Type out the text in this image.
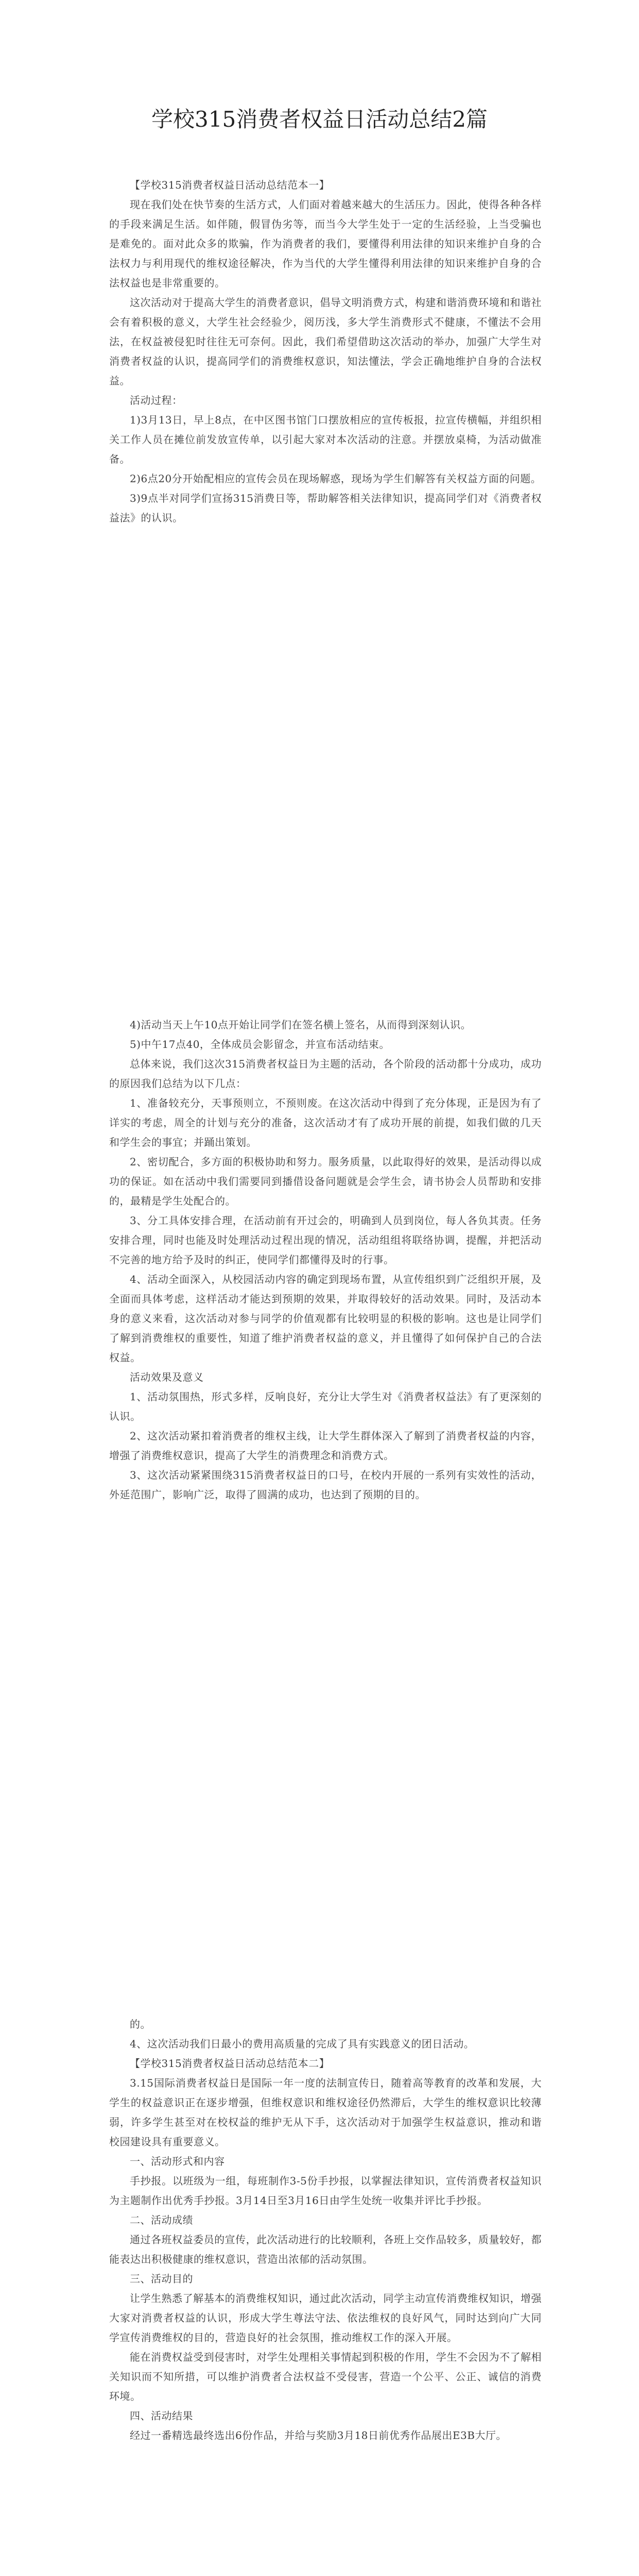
学校315消费者权益日活动总结2篇

【学校315消费者权益日活动总结范本一】

现在我们处在快节奏的生活方式，人们面对着越来越大的生活压力。因此，使得各种各样的手段来满足生活。如伴随，假冒伪劣等，而当今大学生处于一定的生活经验，上当受骗也是难免的。面对此众多的欺骗，作为消费者的我们，要懂得利用法律的知识来维护自身的合法权力与利用现代的维权途径解决，作为当代的大学生懂得利用法律的知识来维护自身的合法权益也是非常重要的。

这次活动对于提高大学生的消费者意识，倡导文明消费方式，构建和谐消费环境和和谐社会有着积极的意义，大学生社会经验少，阅历浅，多大学生消费形式不健康，不懂法不会用法，在权益被侵犯时往往无可奈何。因此，我们希望借助这次活动的举办，加强广大学生对消费者权益的认识，提高同学们的消费维权意识，知法懂法，学会正确地维护自身的合法权益。

活动过程：

1)3月13日，早上8点，在中区图书馆门口摆放相应的宣传板报，拉宣传横幅，并组织相关工作人员在摊位前发放宣传单，以引起大家对本次活动的注意。并摆放桌椅，为活动做准备。

2)6点20分开始配相应的宣传会员在现场解惑，现场为学生们解答有关权益方面的问题。

3)9点半对同学们宣扬315消费日等，帮助解答相关法律知识，提高同学们对《消费者权益法》的认识。

4)活动当天上午10点开始让同学们在签名横上签名，从而得到深刻认识。

5)中午17点40，全体成员会影留念，并宣布活动结束。

总体来说，我们这次315消费者权益日为主题的活动，各个阶段的活动都十分成功，成功的原因我们总结为以下几点：

1、准备较充分，天事预则立，不预则废。在这次活动中得到了充分体现，正是因为有了详实的考虑，周全的计划与充分的准备，这次活动才有了成功开展的前提，如我们做的几天和学生会的事宜；并踊出策划。

2、密切配合，多方面的积极协助和努力。服务质量，以此取得好的效果，是活动得以成功的保证。如在活动中我们需要同到播借设备问题就是会学生会，请书协会人员帮助和安排的，最精是学生处配合的。

3、分工具体安排合理，在活动前有开过会的，明确到人员到岗位，每人各负其责。任务安排合理，同时也能及时处理活动过程出现的情况，活动组组将联络协调，提醒，并把活动不完善的地方给予及时的纠正，使同学们都懂得及时的行事。

4、活动全面深入，从校园活动内容的确定到现场布置，从宣传组织到广泛组织开展，及全面而具体考虑，这样活动才能达到预期的效果，并取得较好的活动效果。同时，及活动本身的意义来看，这次活动对参与同学的价值观都有比较明显的积极的影响。这也是让同学们了解到消费维权的重要性，知道了维护消费者权益的意义，并且懂得了如何保护自己的合法权益。

活动效果及意义

1、活动氛围热，形式多样，反响良好，充分让大学生对《消费者权益法》有了更深刻的认识。

2、这次活动紧扣着消费者的维权主线，让大学生群体深入了解到了消费者权益的内容，增强了消费维权意识，提高了大学生的消费理念和消费方式。

3、这次活动紧紧围绕315消费者权益日的口号，在校内开展的一系列有实效性的活动，外延范围广，影响广泛，取得了圆满的成功，也达到了预期的目的。

的。

4、这次活动我们日最小的费用高质量的完成了具有实践意义的团日活动。

【学校315消费者权益日活动总结范本二】

3.15国际消费者权益日是国际一年一度的法制宣传日，随着高等教育的改革和发展，大学生的权益意识正在逐步增强，但维权意识和维权途径仍然滞后，大学生的维权意识比较薄弱，许多学生甚至对在校权益的维护无从下手，这次活动对于加强学生权益意识，推动和谐校园建设具有重要意义。

一、活动形式和内容

手抄报。以班级为一组，每班制作3-5份手抄报，以掌握法律知识，宣传消费者权益知识为主题制作出优秀手抄报。3月14日至3月16日由学生处统一收集并评比手抄报。

二、活动成绩

通过各班权益委员的宣传，此次活动进行的比较顺利，各班上交作品较多，质量较好，都能表达出积极健康的维权意识，营造出浓郁的活动氛围。

三、活动目的

让学生熟悉了解基本的消费维权知识，通过此次活动，同学主动宣传消费维权知识，增强大家对消费者权益的认识，形成大学生尊法守法、依法维权的良好风气，同时达到向广大同学宣传消费维权的目的，营造良好的社会氛围，推动维权工作的深入开展。

能在消费权益受到侵害时，对学生处理相关事情起到积极的作用，学生不会因为不了解相关知识而不知所措，可以维护消费者合法权益不受侵害，营造一个公平、公正、诚信的消费环境。

四、活动结果

经过一番精选最终选出6份作品，并给与奖励3月18日前优秀作品展出E3B大厅。
